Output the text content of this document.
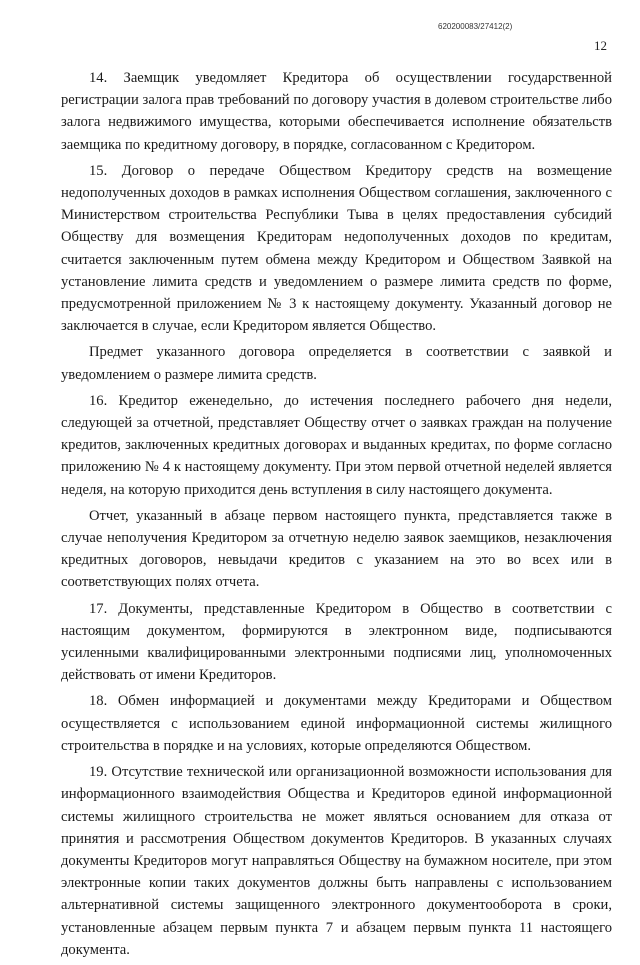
620200083/27412(2)
12

14. Заемщик уведомляет Кредитора об осуществлении государственной регистрации залога прав требований по договору участия в долевом строительстве либо залога недвижимого имущества, которыми обеспечивается исполнение обязательств заемщика по кредитному договору, в порядке, согласованном с Кредитором.

15. Договор о передаче Обществом Кредитору средств на возмещение недополученных доходов в рамках исполнения Обществом соглашения, заключенного с Министерством строительства Республики Тыва в целях предоставления субсидий Обществу для возмещения Кредиторам недополученных доходов по кредитам, считается заключенным путем обмена между Кредитором и Обществом Заявкой на установление лимита средств и уведомлением о размере лимита средств по форме, предусмотренной приложением № 3 к настоящему документу. Указанный договор не заключается в случае, если Кредитором является Общество.

Предмет указанного договора определяется в соответствии с заявкой и уведомлением о размере лимита средств.

16. Кредитор еженедельно, до истечения последнего рабочего дня недели, следующей за отчетной, представляет Обществу отчет о заявках граждан на получение кредитов, заключенных кредитных договорах и выданных кредитах, по форме согласно приложению № 4 к настоящему документу. При этом первой отчетной неделей является неделя, на которую приходится день вступления в силу настоящего документа.

Отчет, указанный в абзаце первом настоящего пункта, представляется также в случае неполучения Кредитором за отчетную неделю заявок заемщиков, незаключения кредитных договоров, невыдачи кредитов с указанием на это во всех или в соответствующих полях отчета.

17. Документы, представленные Кредитором в Общество в соответствии с настоящим документом, формируются в электронном виде, подписываются усиленными квалифицированными электронными подписями лиц, уполномоченных действовать от имени Кредиторов.

18. Обмен информацией и документами между Кредиторами и Обществом осуществляется с использованием единой информационной системы жилищного строительства в порядке и на условиях, которые определяются Обществом.

19. Отсутствие технической или организационной возможности использования для информационного взаимодействия Общества и Кредиторов единой информационной системы жилищного строительства не может являться основанием для отказа от принятия и рассмотрения Обществом документов Кредиторов. В указанных случаях документы Кредиторов могут направляться Обществу на бумажном носителе, при этом электронные копии таких документов должны быть направлены с использованием альтернативной системы защищенного электронного документооборота в сроки, установленные абзацем первым пункта 7 и абзацем первым пункта 11 настоящего документа.
